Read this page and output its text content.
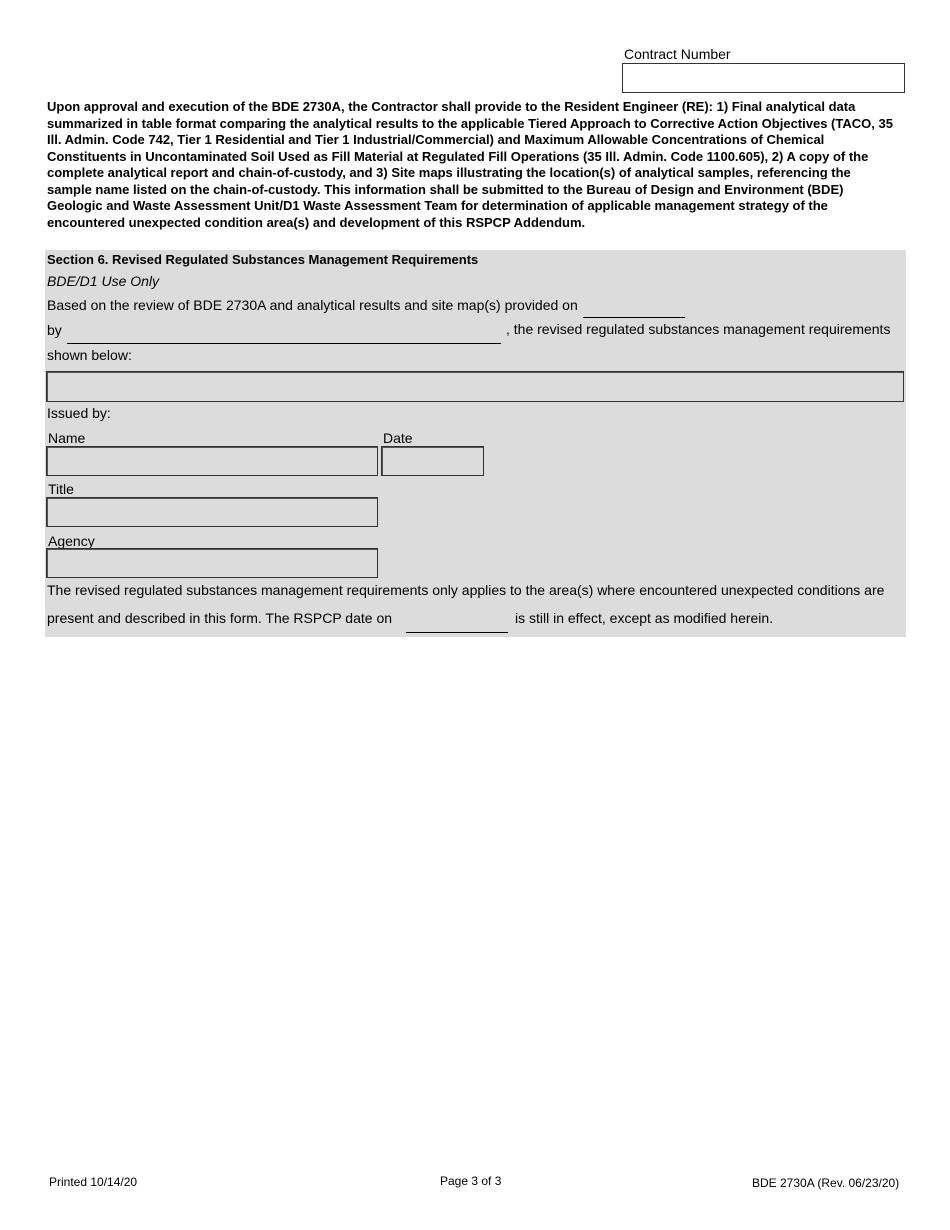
Contract Number
Upon approval and execution of the BDE 2730A, the Contractor shall provide to the Resident Engineer (RE): 1) Final analytical data summarized in table format comparing the analytical results to the applicable Tiered Approach to Corrective Action Objectives (TACO, 35 Ill. Admin. Code 742, Tier 1 Residential and Tier 1 Industrial/Commercial) and Maximum Allowable Concentrations of Chemical Constituents in Uncontaminated Soil Used as Fill Material at Regulated Fill Operations (35 Ill. Admin. Code 1100.605), 2) A copy of the complete analytical report and chain-of-custody, and 3) Site maps illustrating the location(s) of analytical samples, referencing the sample name listed on the chain-of-custody. This information shall be submitted to the Bureau of Design and Environment (BDE) Geologic and Waste Assessment Unit/D1 Waste Assessment Team for determination of applicable management strategy of the encountered unexpected condition area(s) and development of this RSPCP Addendum.
Section 6. Revised Regulated Substances Management Requirements
BDE/D1 Use Only
Based on the review of BDE 2730A and analytical results and site map(s) provided on
by	, the revised regulated substances management requirements
shown below:
Issued by:
Name	Date
Title
Agency
The revised regulated substances management requirements only applies to the area(s) where encountered unexpected conditions are
present and described in this form. The RSPCP date on	is still in effect, except as modified herein.
Printed 10/14/20	Page 3 of 3	BDE 2730A (Rev. 06/23/20)
